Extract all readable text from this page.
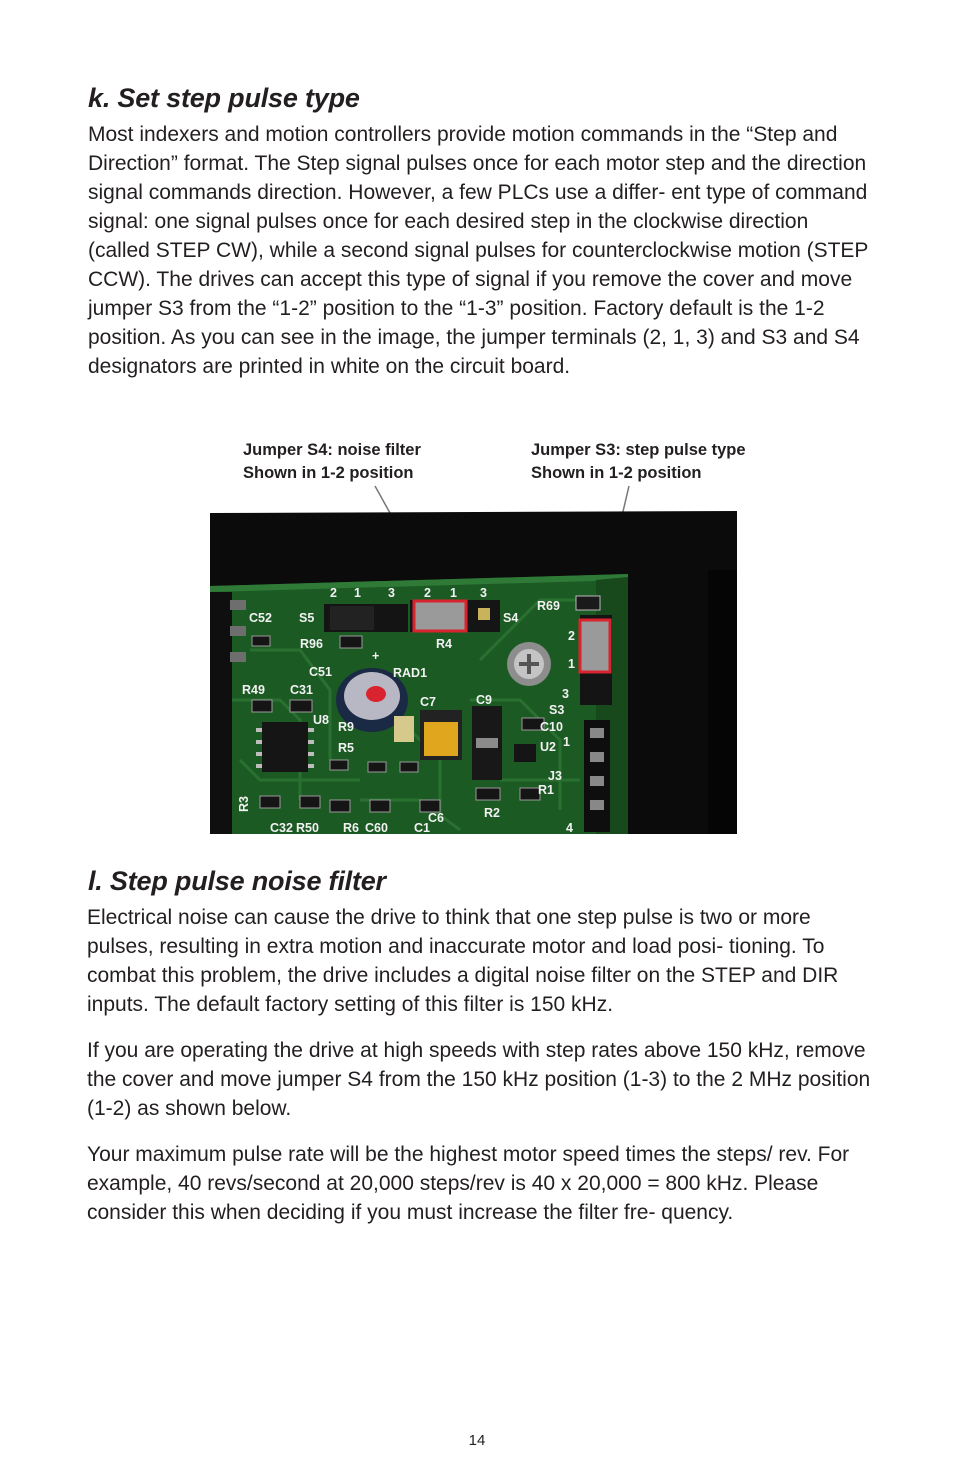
k. Set step pulse type

Most indexers and motion controllers provide motion commands in the “Step and Direction” format. The Step signal pulses once for each motor step and the direction signal commands direction. However, a few PLCs use a differ- ent type of command signal: one signal pulses once for each desired step in the clockwise direction (called STEP CW), while a second signal pulses for counterclockwise motion (STEP CCW). The drives can accept this type of signal if you remove the cover and move jumper S3 from the “1-2” position to the “1-3” position. Factory default is the 1-2 position. As you can see in the image, the jumper terminals (2, 1, 3) and S3 and S4 designators are printed in white on the circuit board.

Jumper S4: noise filter
Shown in 1-2 position
Jumper S3: step pulse type
Shown in 1-2 position
2 1 3 2 1 3
S5	S4
R69
R96	R4
C52
C51
+
RAD1
R49 C31
U8 R9
R5
C7	C9
C10
U2
J3
R1
R2
C6
C1
C60
R6
C32 R50
2
1
3
S3
1
4
R3
l. Step pulse noise filter

Electrical noise can cause the drive to think that one step pulse is two or more pulses, resulting in extra motion and inaccurate motor and load posi- tioning. To combat this problem, the drive includes a digital noise filter on the STEP and DIR inputs. The default factory setting of this filter is 150 kHz.

If you are operating the drive at high speeds with step rates above 150 kHz, remove the cover and move jumper S4 from the 150 kHz position (1-3) to the 2 MHz position (1-2) as shown below.

Your maximum pulse rate will be the highest motor speed times the steps/ rev. For example, 40 revs/second at 20,000 steps/rev is 40 x 20,000 = 800 kHz. Please consider this when deciding if you must increase the filter fre- quency.

14
